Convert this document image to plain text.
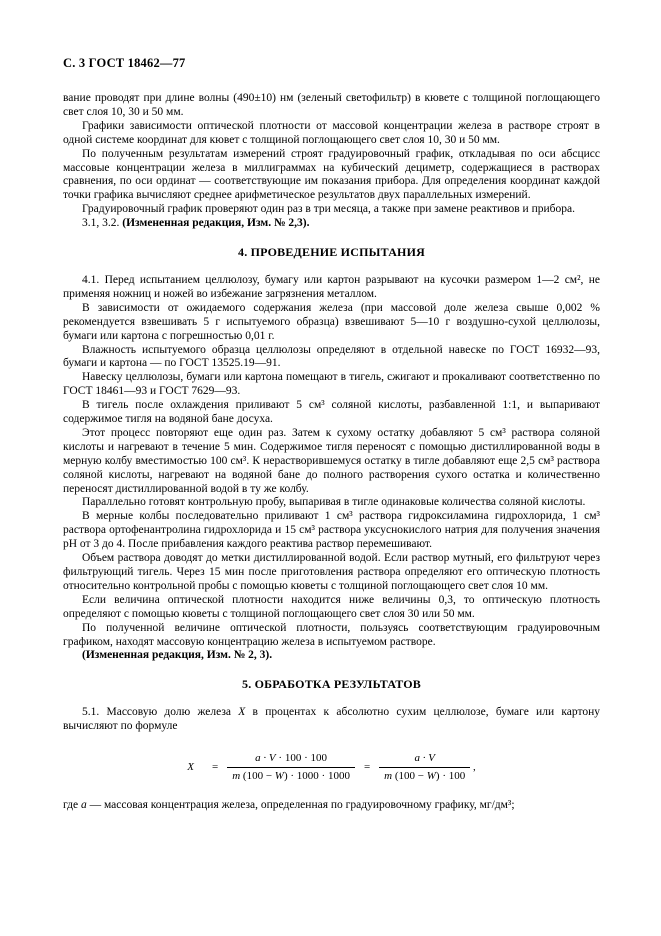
С. 3 ГОСТ 18462—77

вание проводят при длине волны (490±10) нм (зеленый светофильтр) в кювете с толщиной поглощающего свет слоя 10, 30 и 50 мм.

Графики зависимости оптической плотности от массовой концентрации железа в растворе строят в одной системе координат для кювет с толщиной поглощающего свет слоя 10, 30 и 50 мм.

По полученным результатам измерений строят градуировочный график, откладывая по оси абсцисс массовые концентрации железа в миллиграммах на кубический дециметр, содержащиеся в растворах сравнения, по оси ординат — соответствующие им показания прибора. Для определения координат каждой точки графика вычисляют среднее арифметическое результатов двух параллельных измерений.

Градуировочный график проверяют один раз в три месяца, а также при замене реактивов и прибора.

3.1, 3.2. (Измененная редакция, Изм. № 2,3).

4. ПРОВЕДЕНИЕ ИСПЫТАНИЯ

4.1. Перед испытанием целлюлозу, бумагу или картон разрывают на кусочки размером 1—2 см², не применяя ножниц и ножей во избежание загрязнения металлом.

В зависимости от ожидаемого содержания железа (при массовой доле железа свыше 0,002 % рекомендуется взвешивать 5 г испытуемого образца) взвешивают 5—10 г воздушно-сухой целлюлозы, бумаги или картона с погрешностью 0,01 г.

Влажность испытуемого образца целлюлозы определяют в отдельной навеске по ГОСТ 16932—93, бумаги и картона — по ГОСТ 13525.19—91.

Навеску целлюлозы, бумаги или картона помещают в тигель, сжигают и прокаливают соответственно по ГОСТ 18461—93 и ГОСТ 7629—93.

В тигель после охлаждения приливают 5 см³ соляной кислоты, разбавленной 1:1, и выпаривают содержимое тигля на водяной бане досуха.

Этот процесс повторяют еще один раз. Затем к сухому остатку добавляют 5 см³ раствора соляной кислоты и нагревают в течение 5 мин. Содержимое тигля переносят с помощью дистиллированной воды в мерную колбу вместимостью 100 см³. К нерастворившемуся остатку в тигле добавляют еще 2,5 см³ раствора соляной кислоты, нагревают на водяной бане до полного растворения сухого остатка и количественно переносят дистиллированной водой в ту же колбу.

Параллельно готовят контрольную пробу, выпаривая в тигле одинаковые количества соляной кислоты.

В мерные колбы последовательно приливают 1 см³ раствора гидроксиламина гидрохлорида, 1 см³ раствора ортофенантролина гидрохлорида и 15 см³ раствора уксуснокислого натрия для получения значения рН от 3 до 4. После прибавления каждого реактива раствор перемешивают.

Объем раствора доводят до метки дистиллированной водой. Если раствор мутный, его фильтруют через фильтрующий тигель. Через 15 мин после приготовления раствора определяют его оптическую плотность относительно контрольной пробы с помощью кюветы с толщиной поглощающего свет слоя 10 мм.

Если величина оптической плотности находится ниже величины 0,3, то оптическую плотность определяют с помощью кюветы с толщиной поглощающего свет слоя 30 или 50 мм.

По полученной величине оптической плотности, пользуясь соответствующим градуировочным графиком, находят массовую концентрацию железа в испытуемом растворе.

(Измененная редакция, Изм. № 2, 3).

5. ОБРАБОТКА РЕЗУЛЬТАТОВ

5.1. Массовую долю железа X в процентах к абсолютно сухим целлюлозе, бумаге или картону вычисляют по формуле

$X = \frac{a \cdot V \cdot 100 \cdot 100}{m (100 - W) \cdot 1000 \cdot 1000} = \frac{a \cdot V}{m (100 - W) \cdot 100}$ ,

где a — массовая концентрация железа, определенная по градуировочному графику, мг/дм³;
